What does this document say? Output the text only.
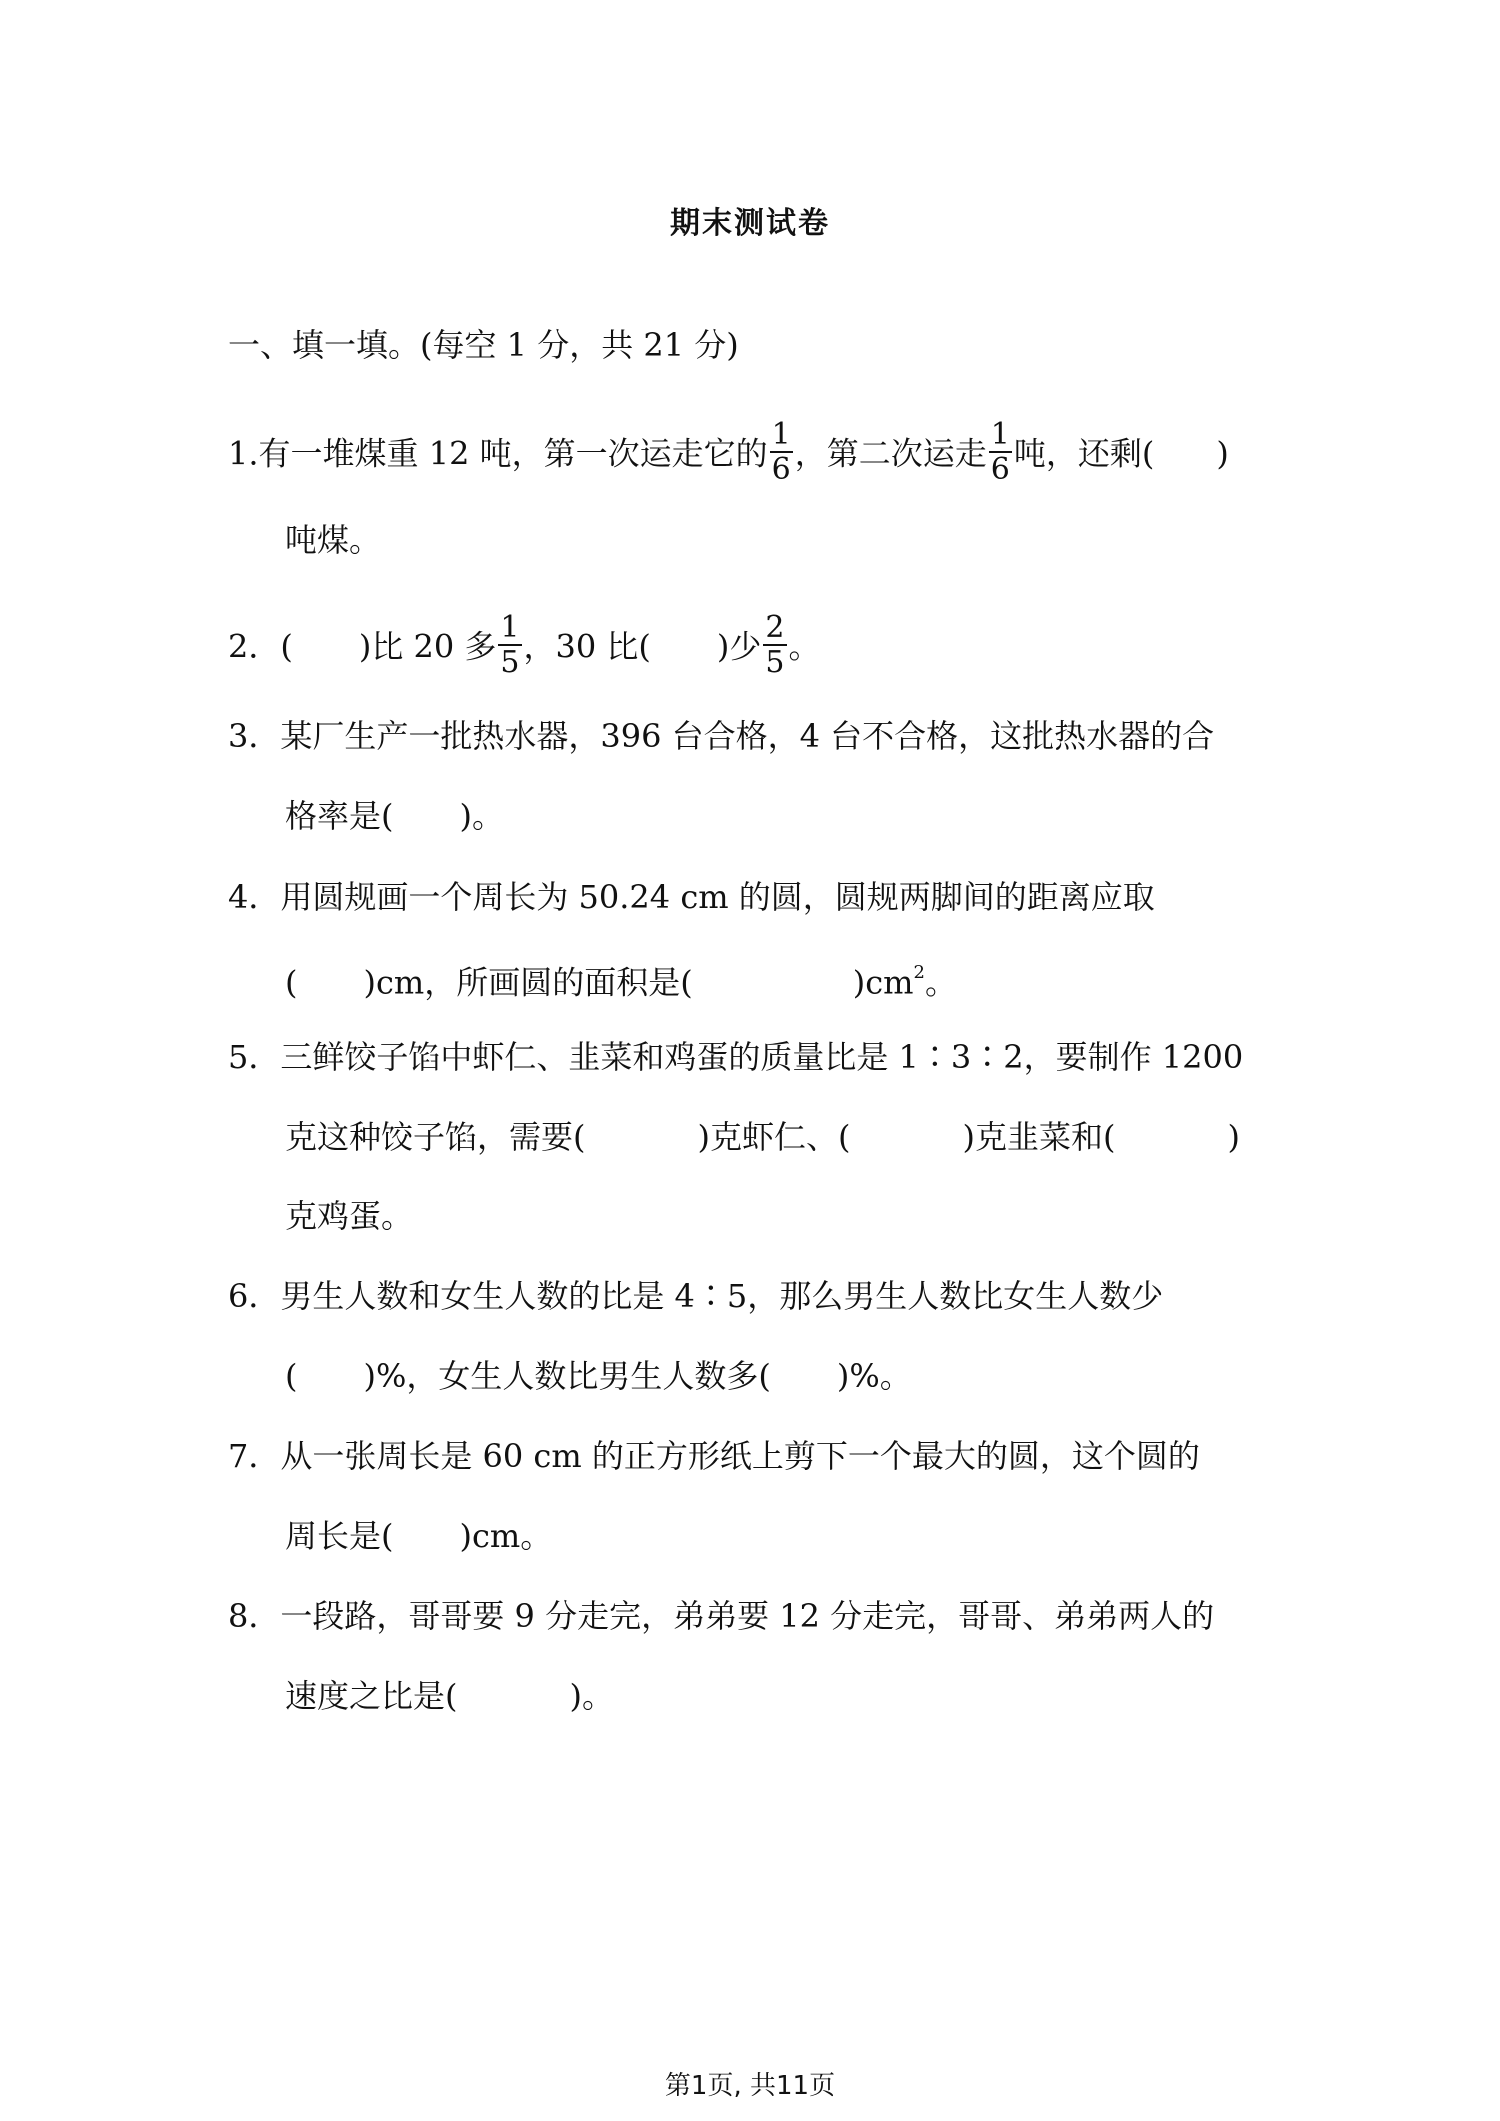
期末测试卷
一、填一填。(每空 1 分，共 21 分)
1.有一堆煤重 12 吨，第一次运走它的 $\frac{1}{6}$ ，第二次运走 $\frac{1}{6}$ 吨，还剩( )
吨煤。
2．( )比 20 多 $\frac{1}{5}$ ，30 比( )少 $\frac{2}{5}$ 。
3．某厂生产一批热水器，396 台合格，4 台不合格，这批热水器的合
格率是( )。
4．用圆规画一个周长为 50.24 cm 的圆，圆规两脚间的距离应取
( )cm，所画圆的面积是(	)$cm^2$。
5．三鲜饺子馅中虾仁、韭菜和鸡蛋的质量比是 1∶3∶2，要制作 1200
克这种饺子馅，需要(	)克虾仁、(	)克韭菜和(	)
克鸡蛋。
6．男生人数和女生人数的比是 4∶5，那么男生人数比女生人数少
( )%，女生人数比男生人数多( )%。
7．从一张周长是 60 cm 的正方形纸上剪下一个最大的圆，这个圆的
周长是( )cm。
8．一段路，哥哥要 9 分走完，弟弟要 12 分走完，哥哥、弟弟两人的
速度之比是(	)。
第1页, 共11页
